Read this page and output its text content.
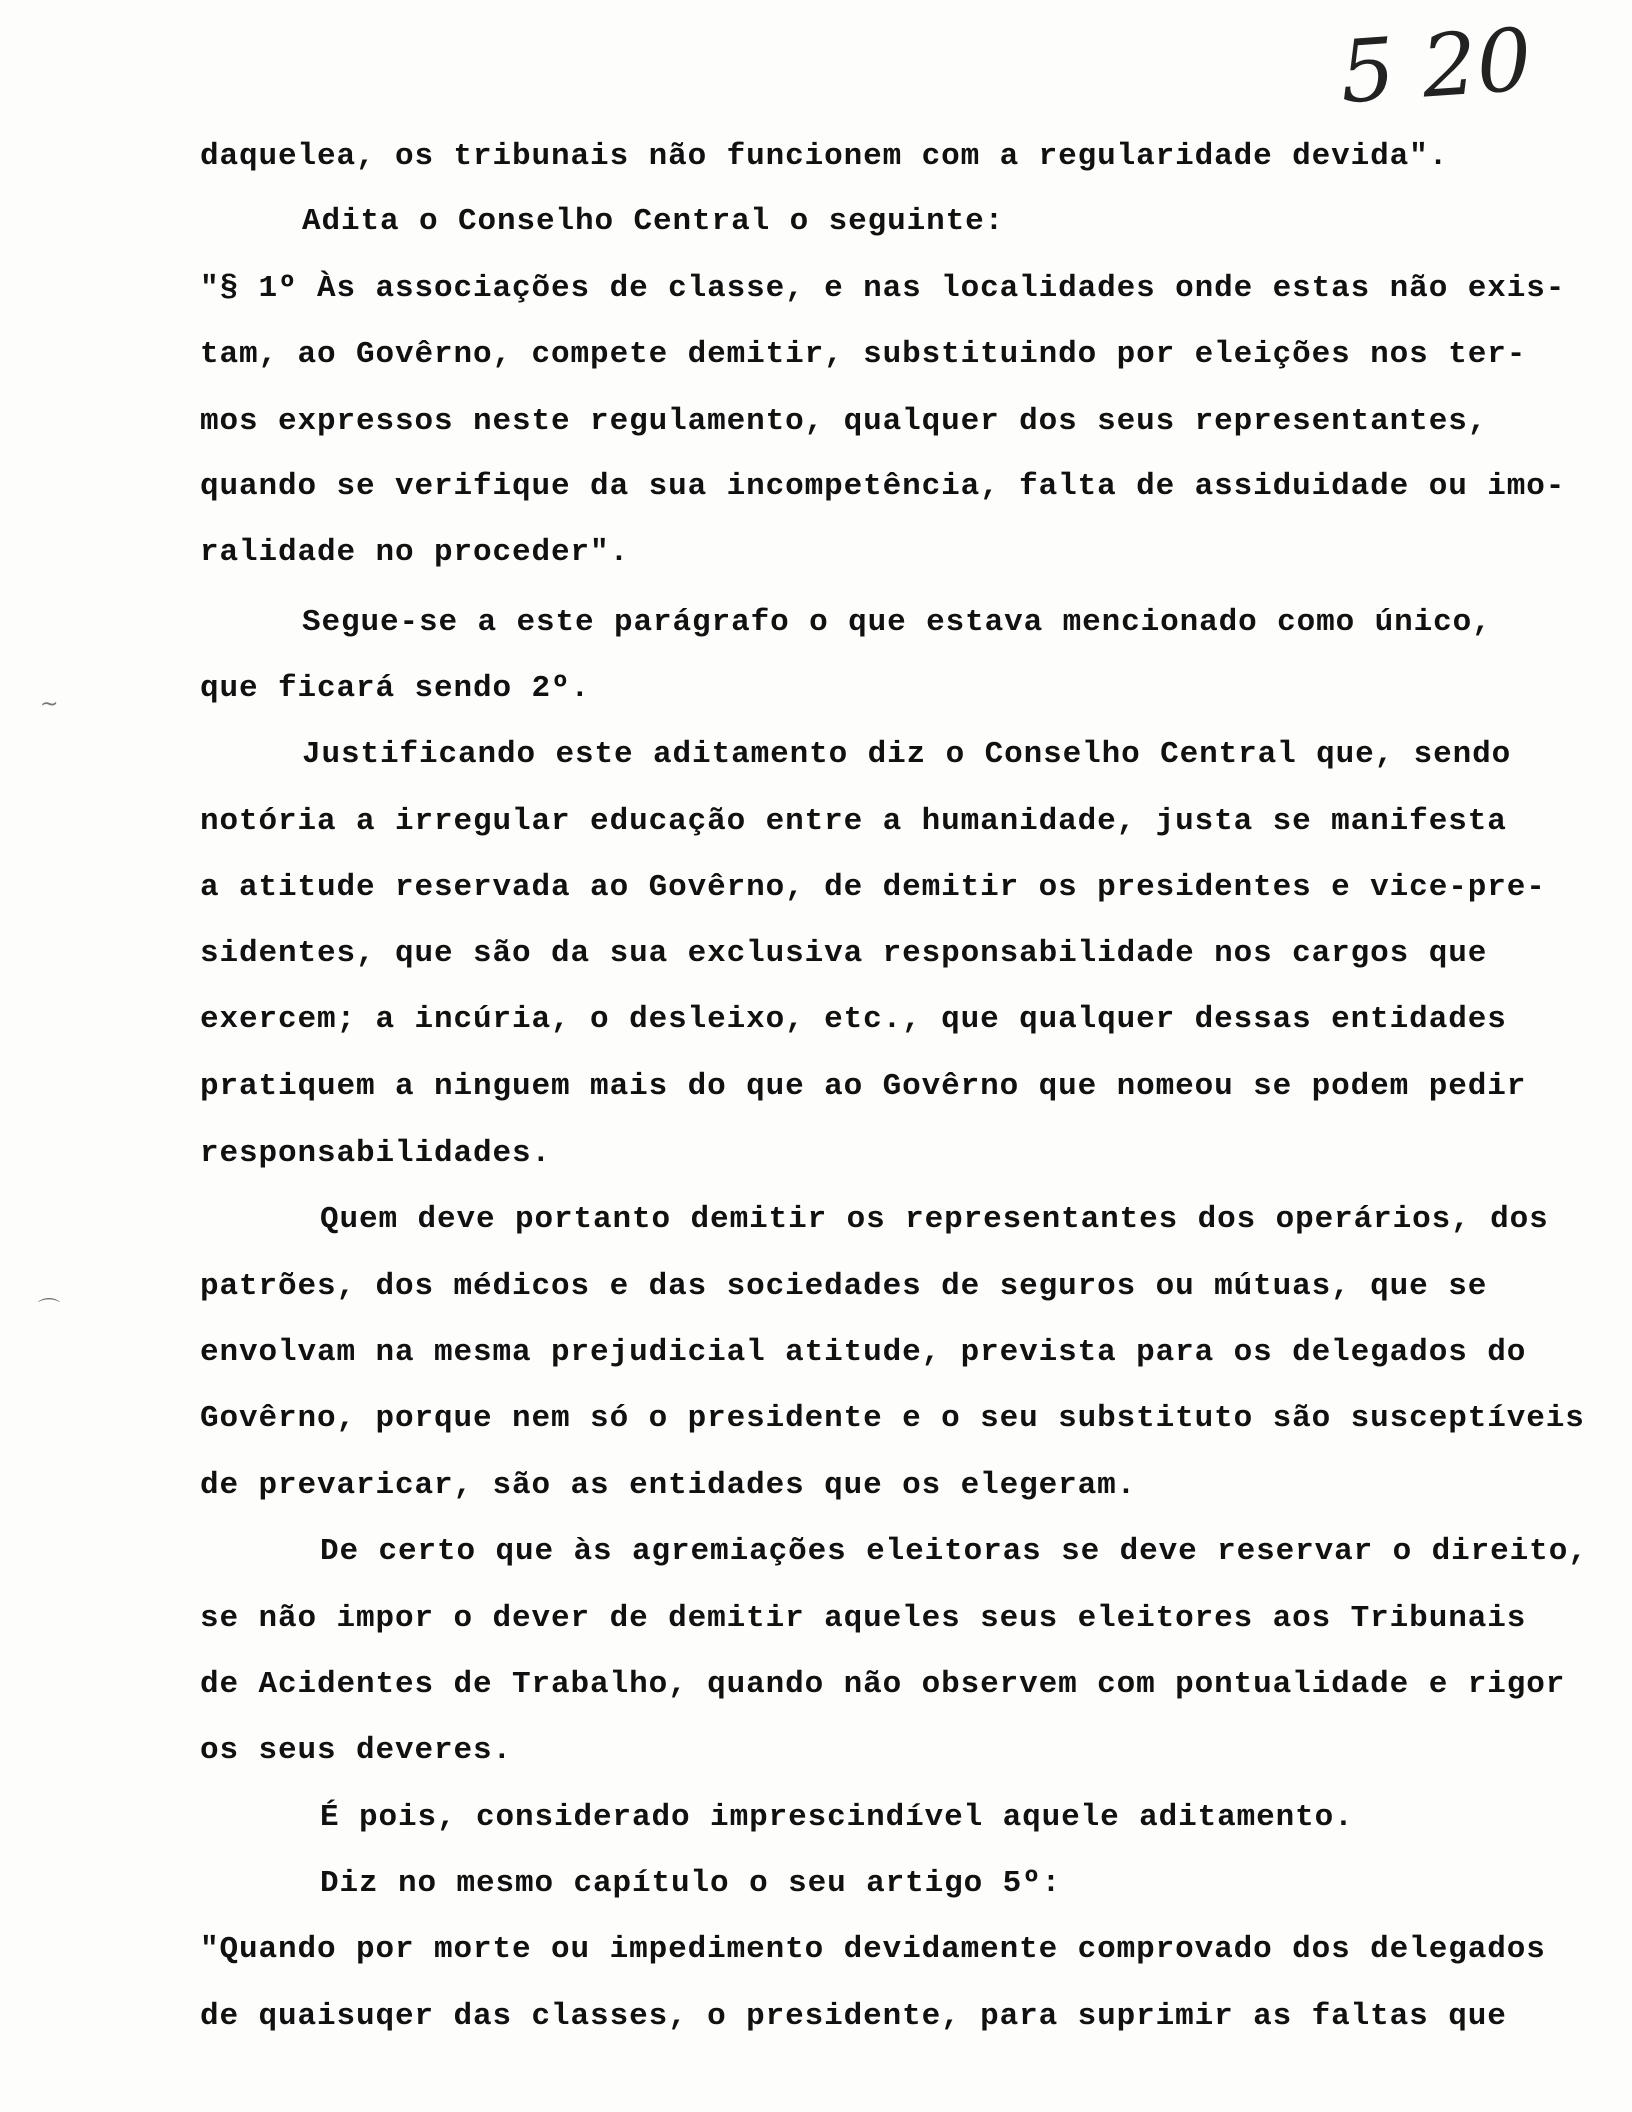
5 20
daquelea, os tribunais não funcionem com a regularidade devida".
Adita o Conselho Central o seguinte:
"§ 1º Às associações de classe, e nas localidades onde estas não exis-
tam, ao Govêrno, compete demitir, substituindo por eleições nos ter-
mos expressos neste regulamento, qualquer dos seus representantes,
quando se verifique da sua incompetência, falta de assiduidade ou imo-
ralidade no proceder".
Segue-se a este parágrafo o que estava mencionado como único,
que ficará sendo 2º.
Justificando este aditamento diz o Conselho Central que, sendo
notória a irregular educação entre a humanidade, justa se manifesta
a atitude reservada ao Govêrno, de demitir os presidentes e vice-pre-
sidentes, que são da sua exclusiva responsabilidade nos cargos que
exercem; a incúria, o desleixo, etc., que qualquer dessas entidades
pratiquem a ninguem mais do que ao Govêrno que nomeou se podem pedir
responsabilidades.
Quem deve portanto demitir os representantes dos operários, dos
patrões, dos médicos e das sociedades de seguros ou mútuas, que se
envolvam na mesma prejudicial atitude, prevista para os delegados do
Govêrno, porque nem só o presidente e o seu substituto são susceptíveis
de prevaricar, são as entidades que os elegeram.
De certo que às agremiações eleitoras se deve reservar o direito,
se não impor o dever de demitir aqueles seus eleitores aos Tribunais
de Acidentes de Trabalho, quando não observem com pontualidade e rigor
os seus deveres.
É pois, considerado imprescindível aquele aditamento.
Diz no mesmo capítulo o seu artigo 5º:
"Quando por morte ou impedimento devidamente comprovado dos delegados
de quaisuqer das classes, o presidente, para suprimir as faltas que
~
⌒
